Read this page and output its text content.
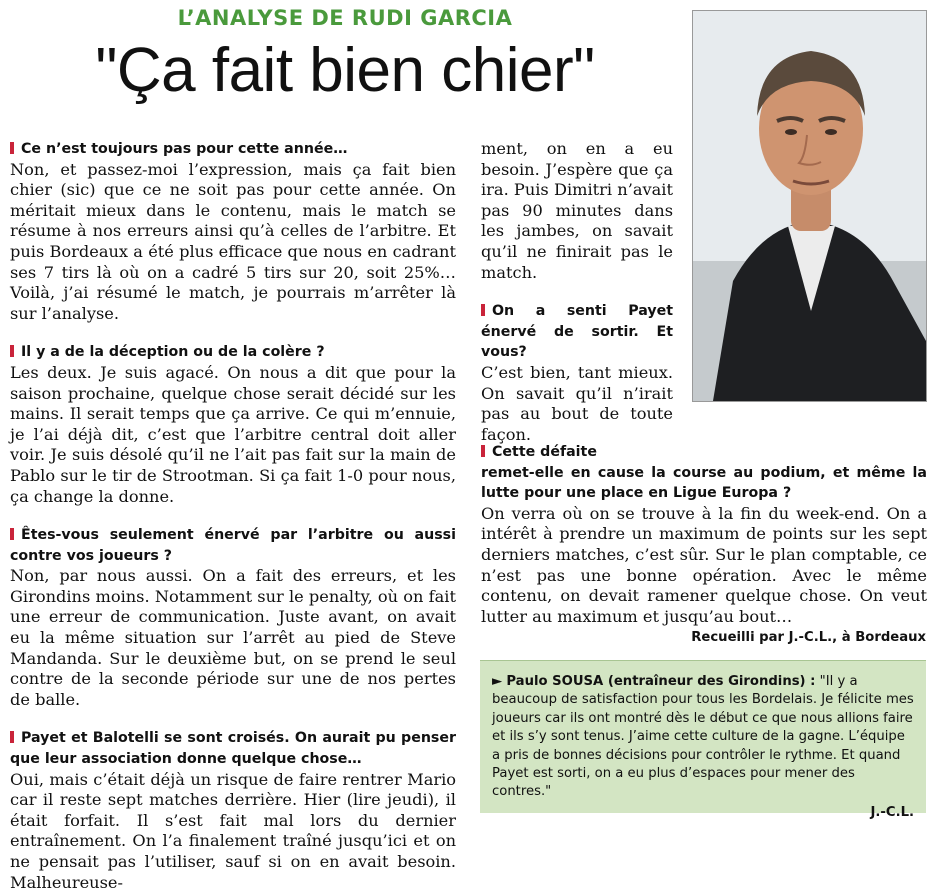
L’ANALYSE DE RUDI GARCIA
"Ça fait bien chier"

Ce n’est toujours pas pour cette année…

Non, et passez-moi l’expression, mais ça fait bien chier (sic) que ce ne soit pas pour cette année. On méritait mieux dans le contenu, mais le match se résume à nos erreurs ainsi qu’à celles de l’arbitre. Et puis Bordeaux a été plus efficace que nous en cadrant ses 7 tirs là où on a cadré 5 tirs sur 20, soit 25%… Voilà, j’ai résumé le match, je pourrais m’arrêter là sur l’analyse.

Il y a de la déception ou de la colère ?

Les deux. Je suis agacé. On nous a dit que pour la saison prochaine, quelque chose serait décidé sur les mains. Il serait temps que ça arrive. Ce qui m’ennuie, je l’ai déjà dit, c’est que l’arbitre central doit aller voir. Je suis désolé qu’il ne l’ait pas fait sur la main de Pablo sur le tir de Strootman. Si ça fait 1-0 pour nous, ça change la donne.

Êtes-vous seulement énervé par l’arbitre ou aussi contre vos joueurs ?

Non, par nous aussi. On a fait des erreurs, et les Girondins moins. Notamment sur le penalty, où on fait une erreur de communication. Juste avant, on avait eu la même situation sur l’arrêt au pied de Steve Mandanda. Sur le deuxième but, on se prend le seul contre de la seconde période sur une de nos pertes de balle.

Payet et Balotelli se sont croisés. On aurait pu penser que leur association donne quelque chose…

Oui, mais c’était déjà un risque de faire rentrer Mario car il reste sept matches derrière. Hier (lire jeudi), il était forfait. Il s’est fait mal lors du dernier entraînement. On l’a finalement traîné jusqu’ici et on ne pensait pas l’utiliser, sauf si on en avait besoin. Malheureuse-

ment, on en a eu besoin. J’espère que ça ira. Puis Dimitri n’avait pas 90 minutes dans les jambes, on savait qu’il ne finirait pas le match.

On a senti Payet énervé de sortir. Et vous?

C’est bien, tant mieux. On savait qu’il n’irait pas au bout de toute façon.

Cette défaite
remet-elle en cause la course au podium, et même la lutte pour une place en Ligue Europa ?

On verra où on se trouve à la fin du week-end. On a intérêt à prendre un maximum de points sur les sept derniers matches, c’est sûr. Sur le plan comptable, ce n’est pas une bonne opération. Avec le même contenu, on devait ramener quelque chose. On veut lutter au maximum et jusqu’au bout…

Recueilli par J.-C.L., à Bordeaux
► Paulo SOUSA (entraîneur des Girondins) : "Il y a beaucoup de satisfaction pour tous les Bordelais. Je félicite mes joueurs car ils ont montré dès le début ce que nous allions faire et ils s’y sont tenus. J’aime cette culture de la gagne. L’équipe a pris de bonnes décisions pour contrôler le rythme. Et quand Payet est sorti, on a eu plus d’espaces pour mener des contres."
J.-C.L.
